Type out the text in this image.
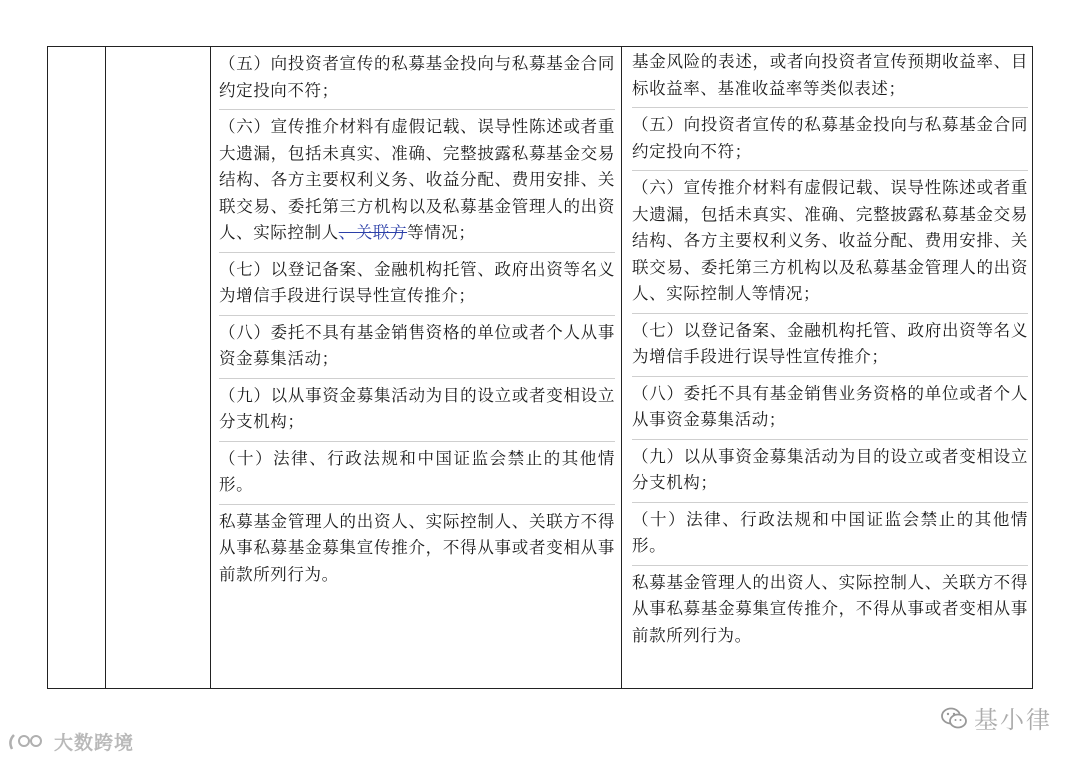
（五）向投资者宣传的私募基金投向与私募基金合同约定投向不符；
（六）宣传推介材料有虚假记载、误导性陈述或者重大遗漏，包括未真实、准确、完整披露私募基金交易结构、各方主要权利义务、收益分配、费用安排、关联交易、委托第三方机构以及私募基金管理人的出资人、实际控制人、关联方等情况；
（七）以登记备案、金融机构托管、政府出资等名义为增信手段进行误导性宣传推介；
（八）委托不具有基金销售资格的单位或者个人从事资金募集活动；
（九）以从事资金募集活动为目的设立或者变相设立分支机构；
（十）法律、行政法规和中国证监会禁止的其他情形。
私募基金管理人的出资人、实际控制人、关联方不得从事私募基金募集宣传推介，不得从事或者变相从事前款所列行为。
基金风险的表述，或者向投资者宣传预期收益率、目标收益率、基准收益率等类似表述；
（五）向投资者宣传的私募基金投向与私募基金合同约定投向不符；
（六）宣传推介材料有虚假记载、误导性陈述或者重大遗漏，包括未真实、准确、完整披露私募基金交易结构、各方主要权利义务、收益分配、费用安排、关联交易、委托第三方机构以及私募基金管理人的出资人、实际控制人等情况；
（七）以登记备案、金融机构托管、政府出资等名义为增信手段进行误导性宣传推介；
（八）委托不具有基金销售业务资格的单位或者个人从事资金募集活动；
（九）以从事资金募集活动为目的设立或者变相设立分支机构；
（十）法律、行政法规和中国证监会禁止的其他情形。
私募基金管理人的出资人、实际控制人、关联方不得从事私募基金募集宣传推介，不得从事或者变相从事前款所列行为。
大数跨境
基小律
